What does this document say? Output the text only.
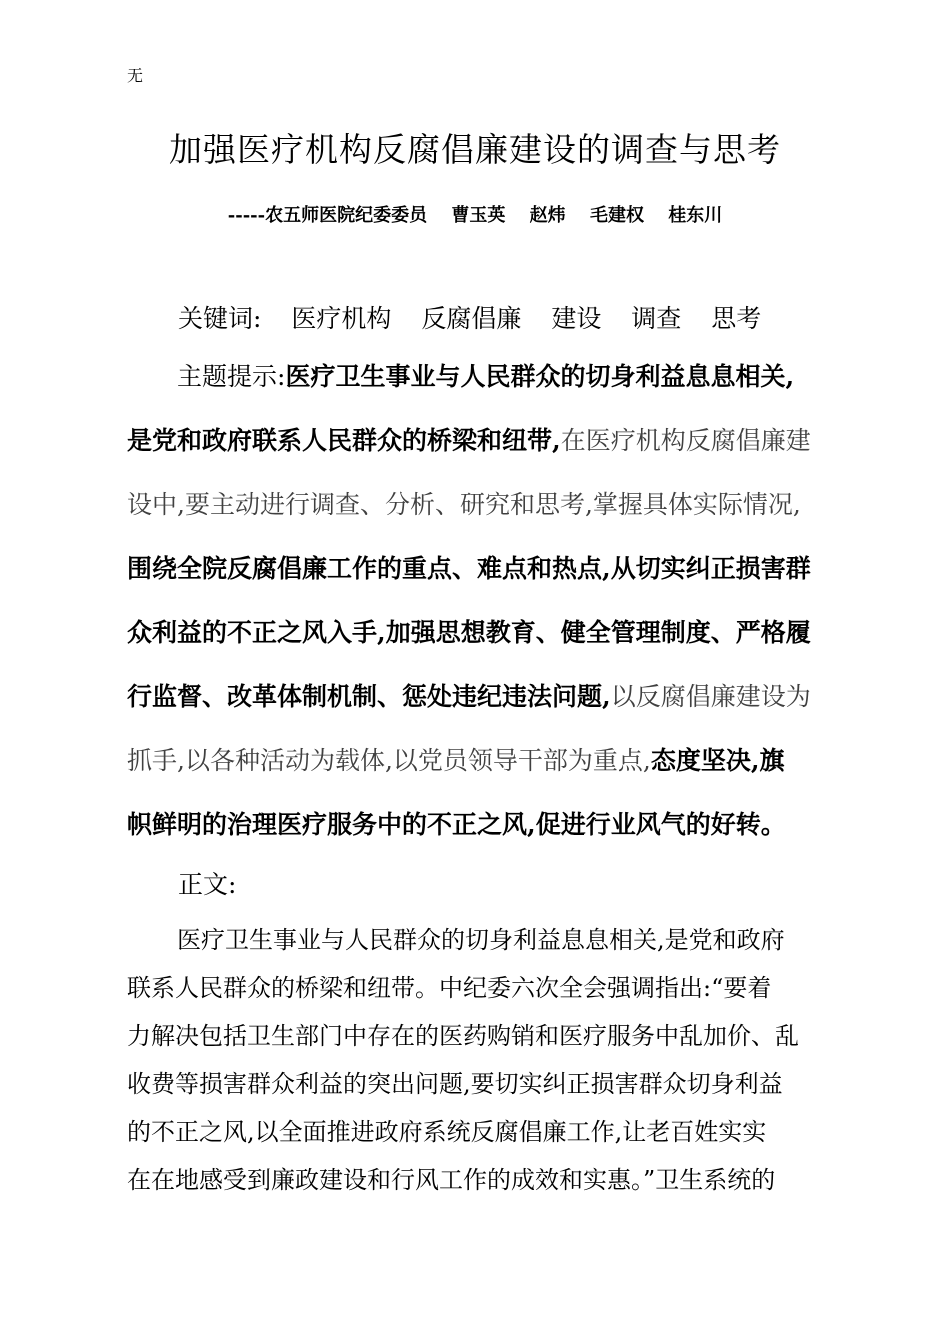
无
加强医疗机构反腐倡廉建设的调查与思考
-----农五师医院纪委委员 曹玉英 赵炜 毛建权 桂东川
关键词: 医疗机构 反腐倡廉 建设 调查 思考
主题提示:医疗卫生事业与人民群众的切身利益息息相关,
是党和政府联系人民群众的桥梁和纽带,在医疗机构反腐倡廉建
设中,要主动进行调查、分析、研究和思考,掌握具体实际情况,
围绕全院反腐倡廉工作的重点、难点和热点,从切实纠正损害群
众利益的不正之风入手,加强思想教育、健全管理制度、严格履
行监督、改革体制机制、惩处违纪违法问题,以反腐倡廉建设为
抓手,以各种活动为载体,以党员领导干部为重点,态度坚决,旗
帜鲜明的治理医疗服务中的不正之风,促进行业风气的好转。
正文:
医疗卫生事业与人民群众的切身利益息息相关,是党和政府
联系人民群众的桥梁和纽带。中纪委六次全会强调指出:“要着
力解决包括卫生部门中存在的医药购销和医疗服务中乱加价、乱
收费等损害群众利益的突出问题,要切实纠正损害群众切身利益
的不正之风,以全面推进政府系统反腐倡廉工作,让老百姓实实
在在地感受到廉政建设和行风工作的成效和实惠。”卫生系统的
